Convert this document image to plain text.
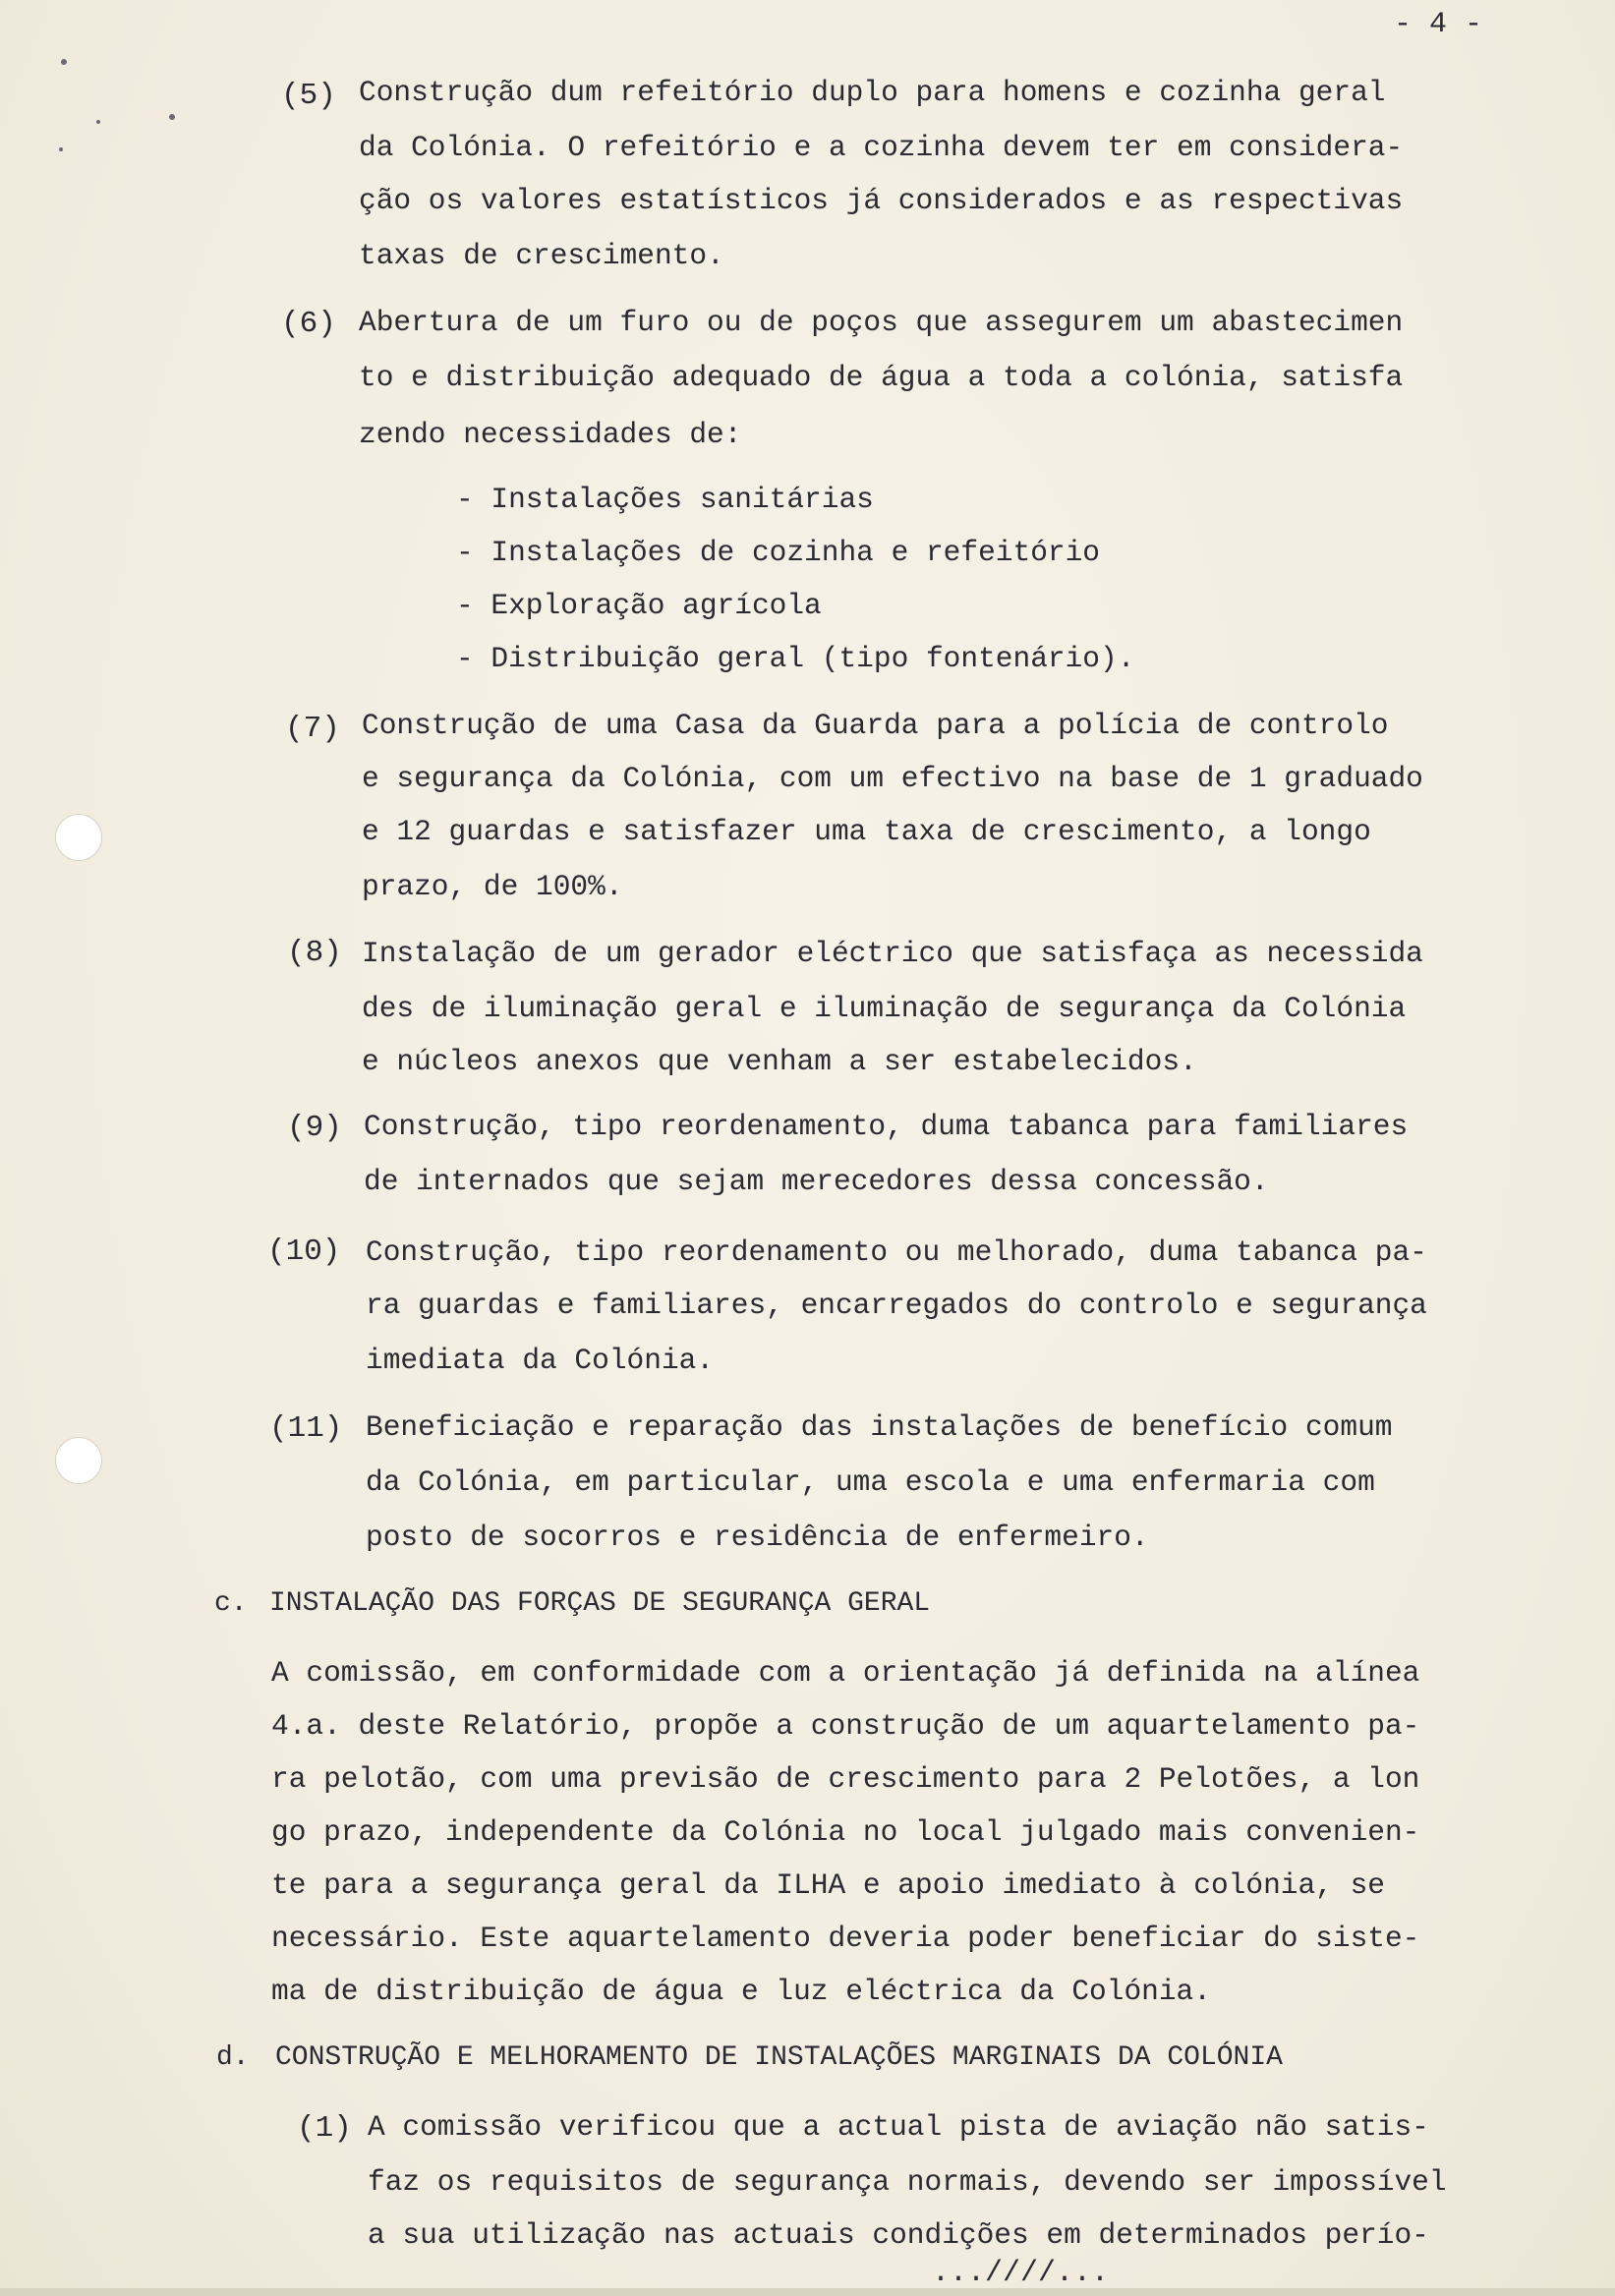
- 4 -
(5) Construção dum refeitório duplo para homens e cozinha geral
da Colónia. O refeitório e a cozinha devem ter em considera-
ção os valores estatísticos já considerados e as respectivas
taxas de crescimento.
(6) Abertura de um furo ou de poços que assegurem um abastecimen
to e distribuição adequado de água a toda a colónia, satisfa
zendo necessidades de:
- Instalações sanitárias
- Instalações de cozinha e refeitório
- Exploração agrícola
- Distribuição geral (tipo fontenário).
(7) Construção de uma Casa da Guarda para a polícia de controlo
e segurança da Colónia, com um efectivo na base de 1 graduado
e 12 guardas e satisfazer uma taxa de crescimento, a longo
prazo, de 100%.
(8) Instalação de um gerador eléctrico que satisfaça as necessida
des de iluminação geral e iluminação de segurança da Colónia
e núcleos anexos que venham a ser estabelecidos.
(9) Construção, tipo reordenamento, duma tabanca para familiares
de internados que sejam merecedores dessa concessão.
(10) Construção, tipo reordenamento ou melhorado, duma tabanca pa-
ra guardas e familiares, encarregados do controlo e segurança
imediata da Colónia.
(11) Beneficiação e reparação das instalações de benefício comum
da Colónia, em particular, uma escola e uma enfermaria com
posto de socorros e residência de enfermeiro.
c. INSTALAÇÃO DAS FORÇAS DE SEGURANÇA GERAL
A comissão, em conformidade com a orientação já definida na alínea
4.a. deste Relatório, propõe a construção de um aquartelamento pa-
ra pelotão, com uma previsão de crescimento para 2 Pelotões, a lon
go prazo, independente da Colónia no local julgado mais convenien-
te para a segurança geral da ILHA e apoio imediato à colónia, se
necessário. Este aquartelamento deveria poder beneficiar do siste-
ma de distribuição de água e luz eléctrica da Colónia.
d. CONSTRUÇÃO E MELHORAMENTO DE INSTALAÇÕES MARGINAIS DA COLÓNIA
(1) A comissão verificou que a actual pista de aviação não satis-
faz os requisitos de segurança normais, devendo ser impossível
a sua utilização nas actuais condições em determinados perío-
...////...
